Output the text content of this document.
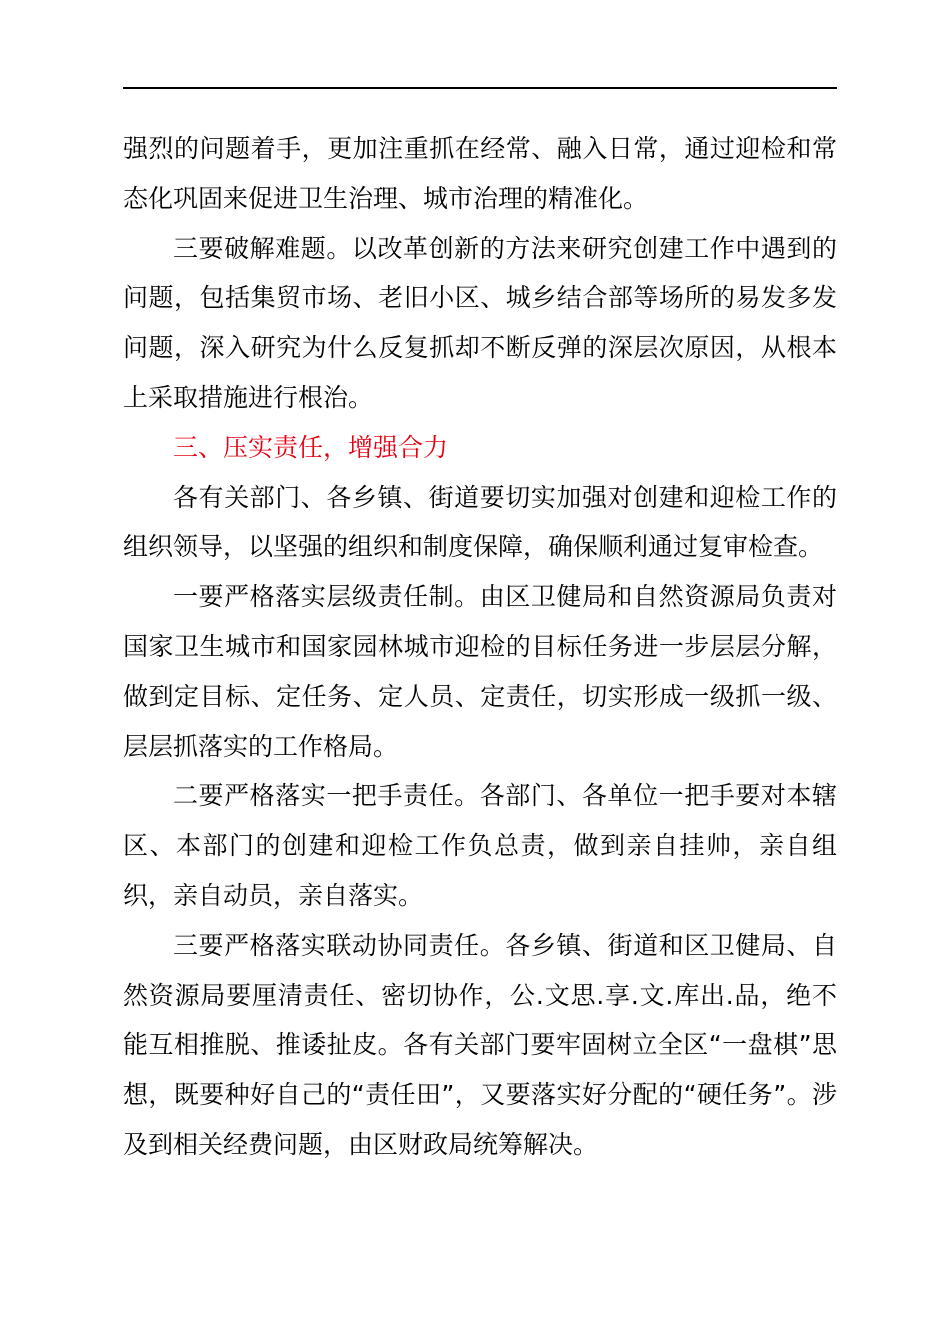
强烈的问题着手，更加注重抓在经常、融入日常，通过迎检和常态化巩固来促进卫生治理、城市治理的精准化。

三要破解难题。以改革创新的方法来研究创建工作中遇到的问题，包括集贸市场、老旧小区、城乡结合部等场所的易发多发问题，深入研究为什么反复抓却不断反弹的深层次原因，从根本上采取措施进行根治。

三、压实责任，增强合力

各有关部门、各乡镇、街道要切实加强对创建和迎检工作的组织领导，以坚强的组织和制度保障，确保顺利通过复审检查。

一要严格落实层级责任制。由区卫健局和自然资源局负责对国家卫生城市和国家园林城市迎检的目标任务进一步层层分解，做到定目标、定任务、定人员、定责任，切实形成一级抓一级、层层抓落实的工作格局。

二要严格落实一把手责任。各部门、各单位一把手要对本辖区、本部门的创建和迎检工作负总责，做到亲自挂帅，亲自组织，亲自动员，亲自落实。

三要严格落实联动协同责任。各乡镇、街道和区卫健局、自然资源局要厘清责任、密切协作，公.文思.享.文.库出.品，绝不能互相推脱、推诿扯皮。各有关部门要牢固树立全区“一盘棋”思想，既要种好自己的“责任田”，又要落实好分配的“硬任务”。涉及到相关经费问题，由区财政局统筹解决。
